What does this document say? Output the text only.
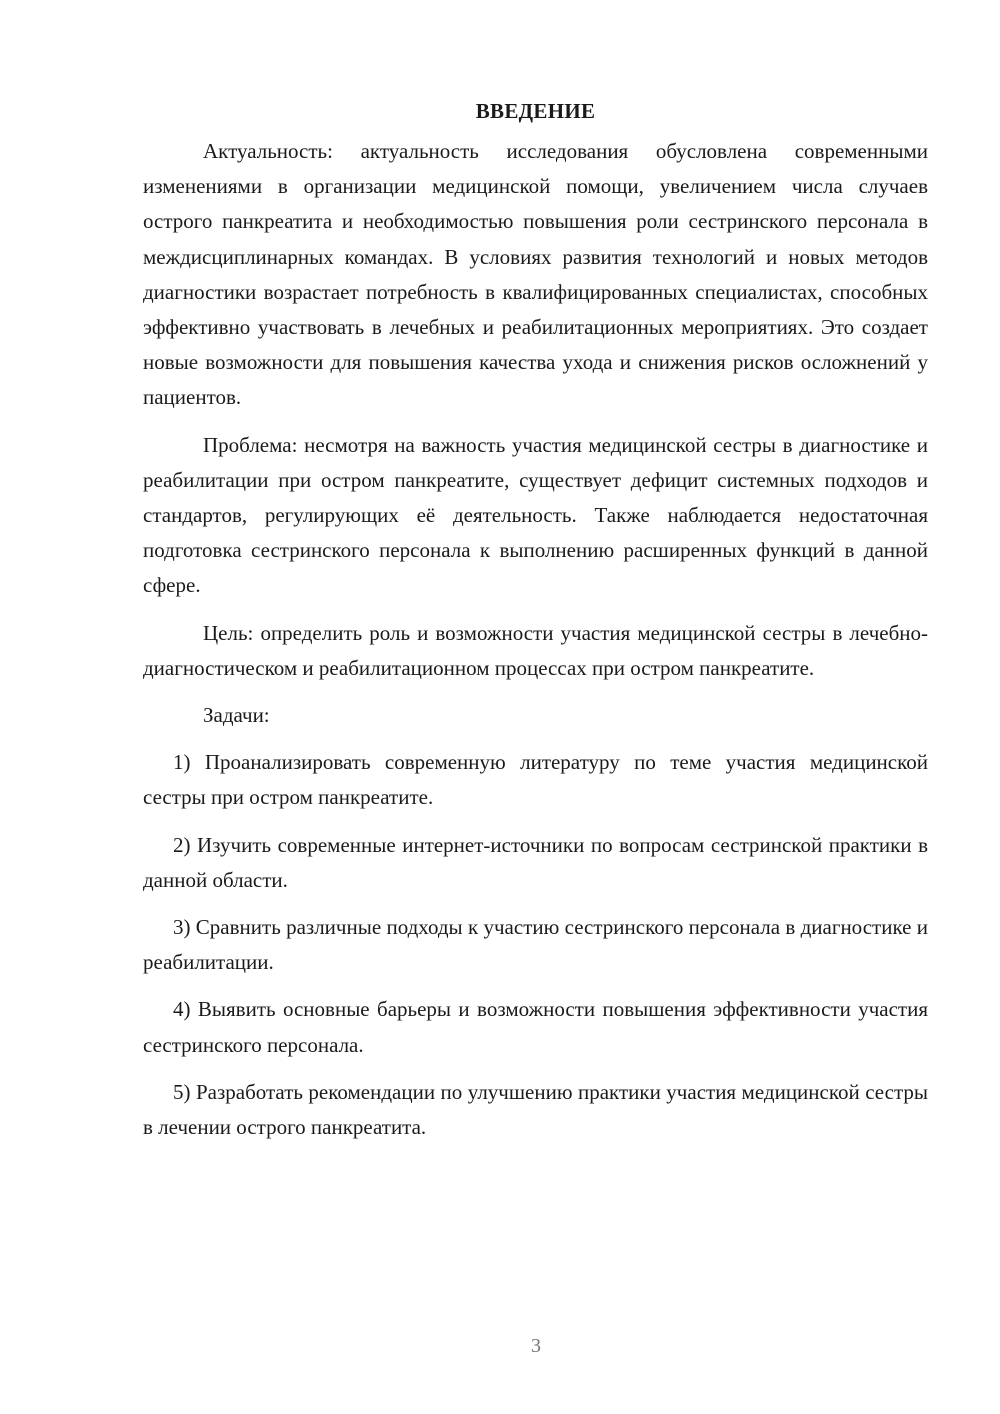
ВВЕДЕНИЕ

Актуальность: актуальность исследования обусловлена современными изменениями в организации медицинской помощи, увеличением числа случаев острого панкреатита и необходимостью повышения роли сестринского персонала в междисциплинарных командах. В условиях развития технологий и новых методов диагностики возрастает потребность в квалифицированных специалистах, способных эффективно участвовать в лечебных и реабилитационных мероприятиях. Это создает новые возможности для повышения качества ухода и снижения рисков осложнений у пациентов.

Проблема: несмотря на важность участия медицинской сестры в диагностике и реабилитации при остром панкреатите, существует дефицит системных подходов и стандартов, регулирующих её деятельность. Также наблюдается недостаточная подготовка сестринского персонала к выполнению расширенных функций в данной сфере.

Цель: определить роль и возможности участия медицинской сестры в лечебно-диагностическом и реабилитационном процессах при остром панкреатите.

Задачи:

1) Проанализировать современную литературу по теме участия медицинской сестры при остром панкреатите.

2) Изучить современные интернет-источники по вопросам сестринской практики в данной области.

3) Сравнить различные подходы к участию сестринского персонала в диагностике и реабилитации.

4) Выявить основные барьеры и возможности повышения эффективности участия сестринского персонала.

5) Разработать рекомендации по улучшению практики участия медицинской сестры в лечении острого панкреатита.

3
